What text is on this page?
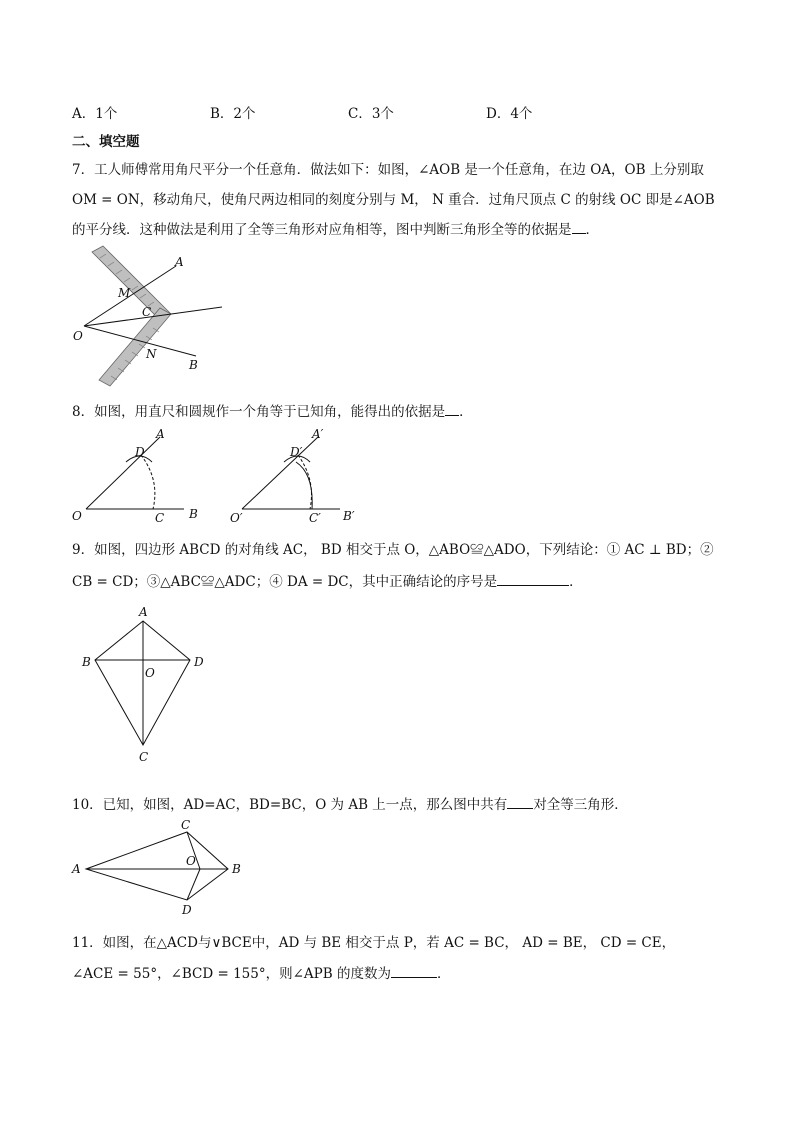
A．1个	B．2个	C．3个	D．4个
二、填空题
7．工人师傅常用角尺平分一个任意角．做法如下：如图，∠AOB 是一个任意角，在边 OA，OB 上分别取
OM = ON，移动角尺，使角尺两边相同的刻度分别与 M， N 重合．过角尺顶点 C 的射线 OC 即是∠AOB
的平分线．这种做法是利用了全等三角形对应角相等，图中判断三角形全等的依据是 ．
A
M
C
O
N
B
8．如图，用直尺和圆规作一个角等于已知角，能得出的依据是 ．
A
D
O	C B
A′
D′
O′	C′ B′
9．如图，四边形 ABCD 的对角线 AC， BD 相交于点 O，△ABO≌△ADO，下列结论：① AC ⊥ BD；②
CB = CD；③△ABC≌△ADC；④ DA = DC，其中正确结论的序号是	．
A
B
O
D
C
10．已知，如图，AD=AC，BD=BC，O 为 AB 上一点，那么图中共有 对全等三角形．
C
A
O
B
D
11．如图，在△ACD与∨BCE中，AD 与 BE 相交于点 P，若 AC = BC， AD = BE， CD = CE，
∠ACE = 55°，∠BCD = 155°，则∠APB 的度数为	．
